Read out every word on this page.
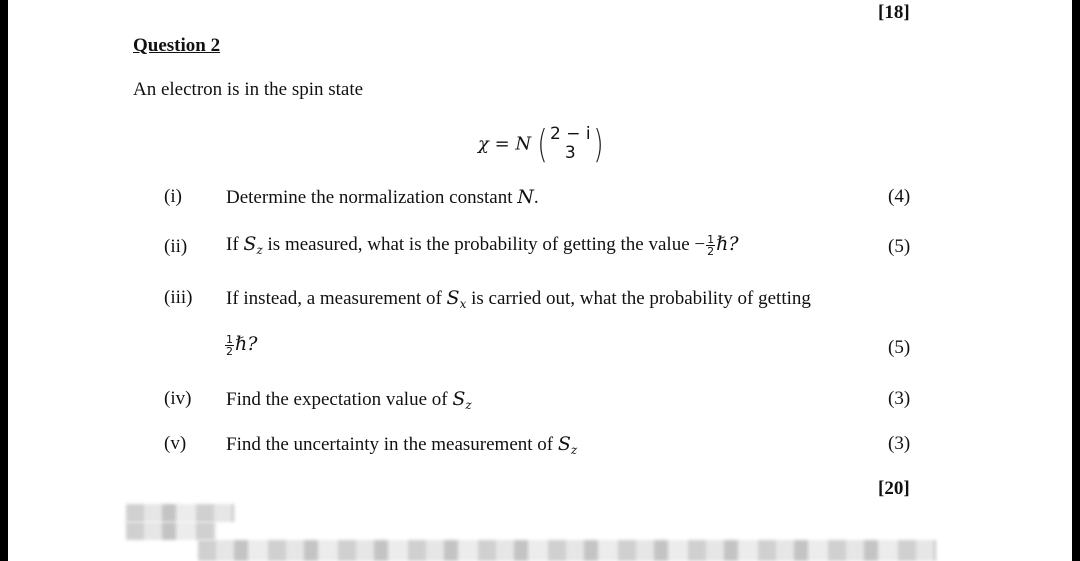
[18]
Question 2
An electron is in the spin state
χ = N ( 2 − i
3 )
(i) Determine the normalization constant N.	(4)
(ii) If $S_z$ is measured, what is the probability of getting the value − $\frac{1}{2}$ ℏ?	(5)
(iii) If instead, a measurement of $S_x$ is carried out, what the probability of getting
$\frac{1}{2}$ ℏ?	(5)
(iv) Find the expectation value of $S_z$	(3)
(v) Find the uncertainty in the measurement of $S_z$	(3)
[20]
